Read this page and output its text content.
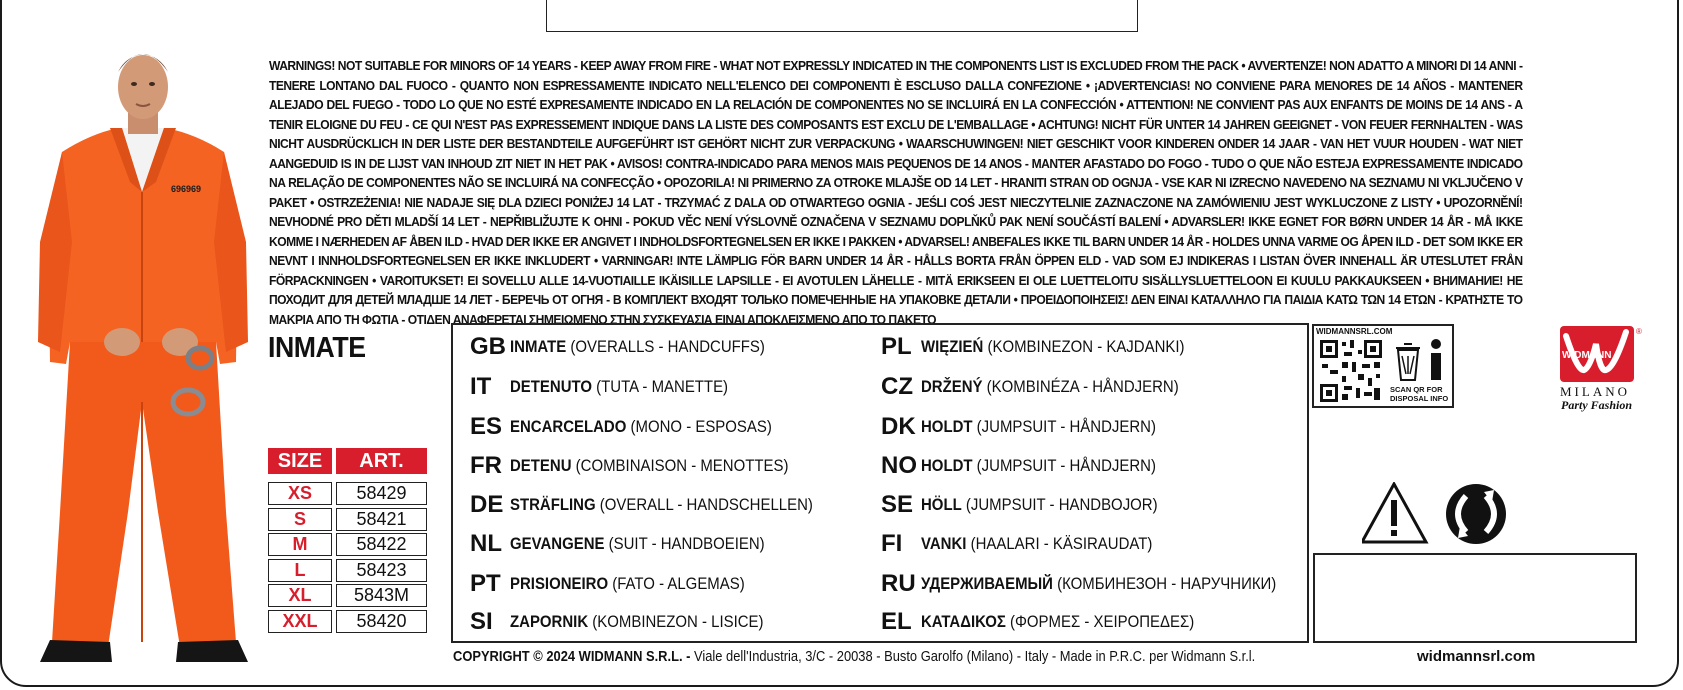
696969
WARNINGS! NOT SUITABLE FOR MINORS OF 14 YEARS - KEEP AWAY FROM FIRE - WHAT NOT EXPRESSLY INDICATED IN THE COMPONENTS LIST IS EXCLUDED FROM THE PACK • AVVERTENZE! NON ADATTO A MINORI DI 14 ANNI - TENERE LONTANO DAL FUOCO - QUANTO NON ESPRESSAMENTE INDICATO NELL'ELENCO DEI COMPONENTI È ESCLUSO DALLA CONFEZIONE • ¡ADVERTENCIAS! NO CONVIENE PARA MENORES DE 14 AÑOS - MANTENER ALEJADO DEL FUEGO - TODO LO QUE NO ESTÉ EXPRESAMENTE INDICADO EN LA RELACIÓN DE COMPONENTES NO SE INCLUIRÁ EN LA CONFECCIÓN • ATTENTION! NE CONVIENT PAS AUX ENFANTS DE MOINS DE 14 ANS - A TENIR ELOIGNE DU FEU - CE QUI N'EST PAS EXPRESSEMENT INDIQUE DANS LA LISTE DES COMPOSANTS EST EXCLU DE L'EMBALLAGE • ACHTUNG! NICHT FÜR UNTER 14 JAHREN GEEIGNET - VON FEUER FERNHALTEN - WAS NICHT AUSDRÜCKLICH IN DER LISTE DER BESTANDTEILE AUFGEFÜHRT IST GEHÖRT NICHT ZUR VERPACKUNG • WAARSCHUWINGEN! NIET GESCHIKT VOOR KINDEREN ONDER 14 JAAR - VAN HET VUUR HOUDEN - WAT NIET AANGEDUID IS IN DE LIJST VAN INHOUD ZIT NIET IN HET PAK • AVISOS! CONTRA-INDICADO PARA MENOS MAIS PEQUENOS DE 14 ANOS - MANTER AFASTADO DO FOGO - TUDO O QUE NÃO ESTEJA EXPRESSAMENTE INDICADO NA RELAÇÃO DE COMPONENTES NÃO SE INCLUIRÁ NA CONFECÇÃO • OPOZORILA! NI PRIMERNO ZA OTROKE MLAJŠE OD 14 LET - HRANITI STRAN OD OGNJA - VSE KAR NI IZRECNO NAVEDENO NA SEZNAMU NI VKLJUČENO V PAKET • OSTRZEŻENIA! NIE NADAJE SIĘ DLA DZIECI PONIŻEJ 14 LAT - TRZYMAĆ Z DALA OD OTWARTEGO OGNIA - JEŚLI COŚ JEST NIECZYTELNIE ZAZNACZONE NA ZAMÓWIENIU JEST WYKLUCZONE Z LISTY • UPOZORNĚNÍ! NEVHODNÉ PRO DĚTI MLADŠÍ 14 LET - NEPŘIBLIŽUJTE K OHNI - POKUD VĚC NENÍ VÝSLOVNĚ OZNAČENA V SEZNAMU DOPLŇKŮ PAK NENÍ SOUČÁSTÍ BALENÍ • ADVARSLER! IKKE EGNET FOR BØRN UNDER 14 ÅR - MÅ IKKE KOMME I NÆRHEDEN AF ÅBEN ILD - HVAD DER IKKE ER ANGIVET I INDHOLDSFORTEGNELSEN ER IKKE I PAKKEN • ADVARSEL! ANBEFALES IKKE TIL BARN UNDER 14 ÅR - HOLDES UNNA VARME OG ÅPEN ILD - DET SOM IKKE ER NEVNT I INNHOLDSFORTEGNELSEN ER IKKE INKLUDERT • VARNINGAR! INTE LÄMPLIG FÖR BARN UNDER 14 ÅR - HÅLLS BORTA FRÅN ÖPPEN ELD - VAD SOM EJ INDIKERAS I LISTAN ÖVER INNEHALL ÄR UTESLUTET FRÅN FÖRPACKNINGEN • VAROITUKSET! EI SOVELLU ALLE 14-VUOTIAILLE IKÄISILLE LAPSILLE - EI AVOTULEN LÄHELLE - MITÄ ERIKSEEN EI OLE LUETTELOITU SISÄLLYSLUETTELOON EI KUULU PAKKAUKSEEN • ВНИМАНИЕ! НЕ ПОХОДИТ ДЛЯ ДЕТЕЙ МЛАДШЕ 14 ЛЕТ - БЕРЕЧЬ ОТ ОГНЯ - В КОМПЛЕКТ ВХОДЯТ ТОЛЬКО ПОМЕЧЕННЫЕ НА УПАКОВКЕ ДЕТАЛИ • ΠΡΟΕΙΔΟΠΟΙΗΣΕΙΣ! ΔΕΝ ΕΙΝΑΙ ΚΑΤΑΛΛΗΛΟ ΓΙΑ ΠΑΙΔΙΑ ΚΑΤΩ ΤΩΝ 14 ΕΤΩΝ - ΚΡΑΤΗΣΤΕ ΤΟ ΜΑΚΡΙΑ ΑΠΟ ΤΗ ΦΩΤΙΑ - ΟΤΙΔΕΝ ΑΝΑΦΕΡΕΤΑΙ ΣΗΜΕΙΩΜΕΝΟ ΣΤΗΝ ΣΥΣΚΕΥΑΣΙΑ ΕΙΝΑΙ ΑΠΟΚΛΕΙΣΜΕΝΟ ΑΠΟ ΤΟ ΠΑΚΕΤΟ
INMATE
SIZE	ART.
XS	58429
S	58421
M	58422
L	58423
XL	5843M
XXL	58420
GB INMATE (OVERALLS - HANDCUFFS)
IT DETENUTO (TUTA - MANETTE)
ES ENCARCELADO (MONO - ESPOSAS)
FR DETENU (COMBINAISON - MENOTTES)
DE STRÄFLING (OVERALL - HANDSCHELLEN)
NL GEVANGENE (SUIT - HANDBOEIEN)
PT PRISIONEIRO (FATO - ALGEMAS)
SI ZAPORNIK (KOMBINEZON - LISICE)
PL WIĘZIEŃ (KOMBINEZON - KAJDANKI)
CZ DRŽENÝ (KOMBINÉZA - HÅNDJERN)
DK HOLDT (JUMPSUIT - HÅNDJERN)
NO HOLDT (JUMPSUIT - HÅNDJERN)
SE HÖLL (JUMPSUIT - HANDBOJOR)
FI VANKI (HAALARI - KÄSIRAUDAT)
RU УДЕРЖИВАЕМЫЙ (КОМБИНЕЗОН - НАРУЧНИКИ)
EL ΚΑΤΑΔΙΚΟΣ (ΦΟΡΜΕΣ - ΧΕΙΡΟΠΕΔΕΣ)
COPYRIGHT © 2024 WIDMANN S.R.L. - Viale dell'Industria, 3/C - 20038 - Busto Garolfo (Milano) - Italy - Made in P.R.C. per Widmann S.r.l.	widmannsrl.com
WIDMANNSRL.COM
SCAN QR FOR
DISPOSAL INFO
WIDMANN
®
MILANO
Party Fashion
